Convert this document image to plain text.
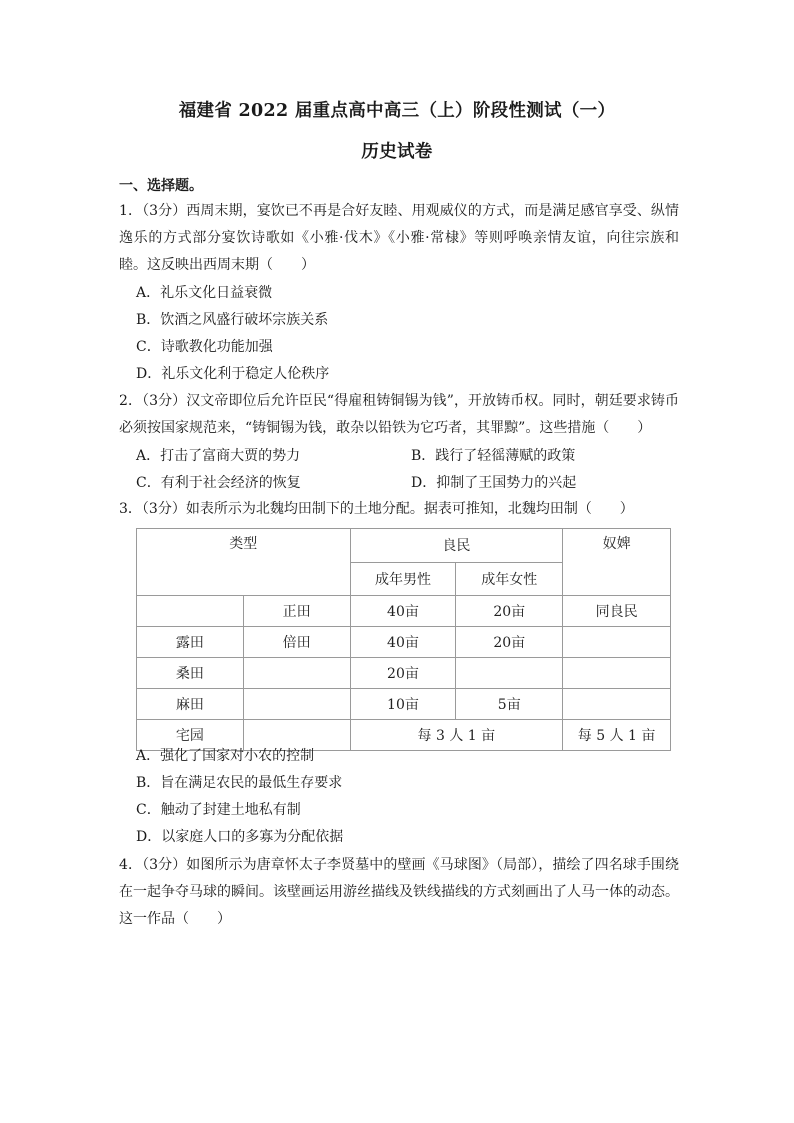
福建省 2022 届重点高中高三（上）阶段性测试（一）
历史试卷
一、选择题。
1．（3分）西周末期，宴饮已不再是合好友睦、用观威仪的方式，而是满足感官享受、纵情逸乐的方式部分宴饮诗歌如《小雅·伐木》《小雅·常棣》等则呼唤亲情友谊，向往宗族和睦。这反映出西周末期（　　）
A．礼乐文化日益衰微
B．饮酒之风盛行破坏宗族关系
C．诗歌教化功能加强
D．礼乐文化利于稳定人伦秩序
2．（3分）汉文帝即位后允许臣民“得雇租铸铜锡为钱”，开放铸币权。同时，朝廷要求铸币必须按国家规范来，“铸铜锡为钱，敢杂以铅铁为它巧者，其罪黥”。这些措施（　　）
A．打击了富商大贾的势力	B．践行了轻徭薄赋的政策
C．有利于社会经济的恢复	D．抑制了王国势力的兴起
3．（3分）如表所示为北魏均田制下的土地分配。据表可推知，北魏均田制（　　）
类型		良民		奴婢
		成年男性	成年女性	
	正田	40亩	20亩	同良民
露田	倍田	40亩	20亩	
桑田		20亩		
麻田		10亩	5亩	
宅园		每 3 人 1 亩		每 5 人 1 亩
A．强化了国家对小农的控制
B．旨在满足农民的最低生存要求
C．触动了封建土地私有制
D．以家庭人口的多寡为分配依据
4．（3分）如图所示为唐章怀太子李贤墓中的壁画《马球图》（局部），描绘了四名球手围绕在一起争夺马球的瞬间。该壁画运用游丝描线及铁线描线的方式刻画出了人马一体的动态。这一作品（　　）
